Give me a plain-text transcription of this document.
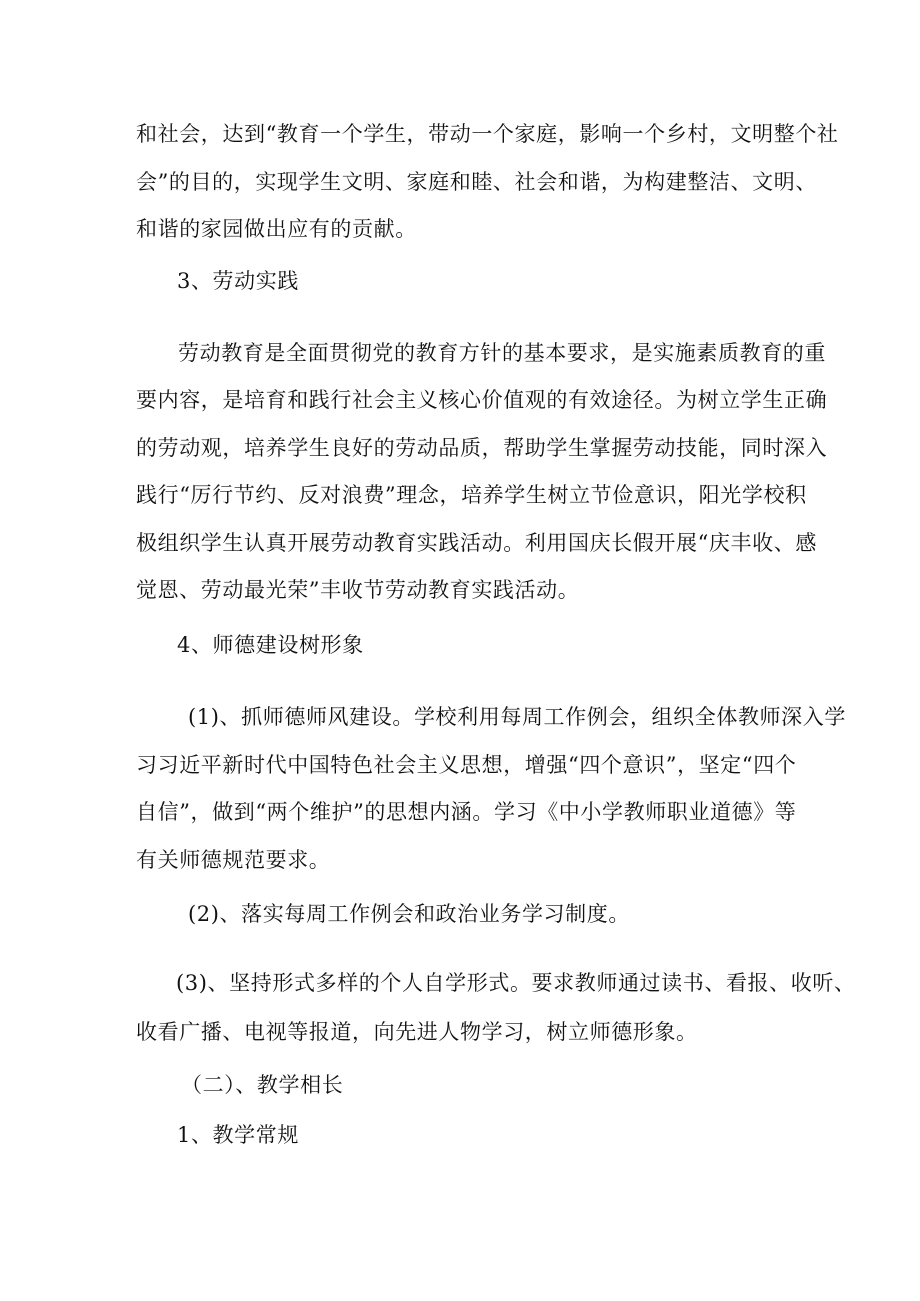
和社会，达到“教育一个学生，带动一个家庭，影响一个乡村，文明整个社
会”的目的，实现学生文明、家庭和睦、社会和谐，为构建整洁、文明、
和谐的家园做出应有的贡献。
3、劳动实践
劳动教育是全面贯彻党的教育方针的基本要求，是实施素质教育的重
要内容，是培育和践行社会主义核心价值观的有效途径。为树立学生正确
的劳动观，培养学生良好的劳动品质，帮助学生掌握劳动技能，同时深入
践行“厉行节约、反对浪费”理念，培养学生树立节俭意识，阳光学校积
极组织学生认真开展劳动教育实践活动。利用国庆长假开展“庆丰收、感
觉恩、劳动最光荣”丰收节劳动教育实践活动。
4、师德建设树形象
(1)、抓师德师风建设。学校利用每周工作例会，组织全体教师深入学
习习近平新时代中国特色社会主义思想，增强“四个意识”，坚定“四个
自信”，做到“两个维护”的思想内涵。学习《中小学教师职业道德》等
有关师德规范要求。
(2)、落实每周工作例会和政治业务学习制度。
(3)、坚持形式多样的个人自学形式。要求教师通过读书、看报、收听、
收看广播、电视等报道，向先进人物学习，树立师德形象。
（二）、教学相长
1、教学常规
